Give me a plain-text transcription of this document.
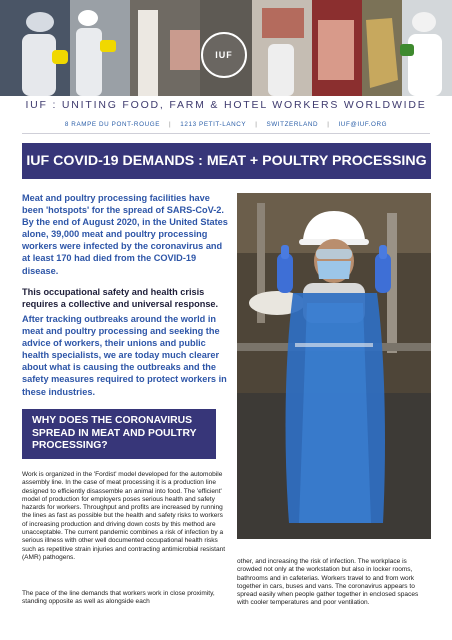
IUF
IUF : UNITING FOOD, FARM & HOTEL WORKERS WORLDWIDE
8 RAMPE DU PONT-ROUGE | 1213 PETIT-LANCY | SWITZERLAND | IUF@IUF.ORG
IUF COVID-19 DEMANDS : MEAT + POULTRY PROCESSING

Meat and poultry processing facilities have been 'hotspots' for the spread of SARS-CoV-2. By the end of August 2020, in the United States alone, 39,000 meat and poultry processing workers were infected by the coronavirus and at least 170 had died from the COVID-19 disease.

This occupational safety and health crisis requires a collective and universal response.

After tracking outbreaks around the world in meat and poultry processing and seeking the advice of workers, their unions and public health specialists, we are today much clearer about what is causing the outbreaks and the safety measures required to protect workers in these industries.

WHY DOES THE CORONAVIRUS SPREAD IN MEAT AND POULTRY PROCESSING?

Work is organized in the 'Fordist' model developed for the automobile assembly line. In the case of meat processing it is a production line designed to efficiently disassemble an animal into food. The 'efficient' model of production for employers poses serious health and safety hazards for workers. Throughput and profits are increased by running the lines as fast as possible but the health and safety risks to workers of increasing production and driving down costs by this method are unacceptable. The current pandemic combines a risk of infection by a serious illness with other well documented occupational health risks such as repetitive strain injuries and contracting antimicrobial resistant (AMR) pathogens.

The pace of the line demands that workers work in close proximity, standing opposite as well as alongside each

other, and increasing the risk of infection. The workplace is crowded not only at the workstation but also in locker rooms, bathrooms and in cafeterias. Workers travel to and from work together in cars, buses and vans. The coronavirus appears to spread easily when people gather together in enclosed spaces with cooler temperatures and poor ventilation.
